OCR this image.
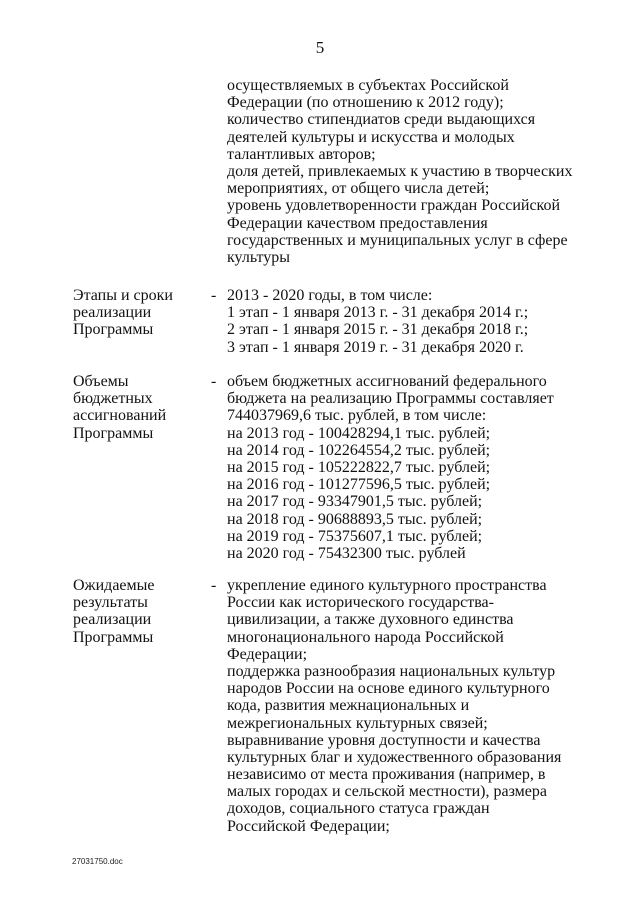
5
осуществляемых в субъектах Российской
Федерации (по отношению к 2012 году);
количество стипендиатов среди выдающихся
деятелей культуры и искусства и молодых
талантливых авторов;
доля детей, привлекаемых к участию в творческих
мероприятиях, от общего числа детей;
уровень удовлетворенности граждан Российской
Федерации качеством предоставления
государственных и муниципальных услуг в сфере
культуры
Этапы и сроки
реализации
Программы
- 2013 - 2020 годы, в том числе:
1 этап - 1 января 2013 г. - 31 декабря 2014 г.;
2 этап - 1 января 2015 г. - 31 декабря 2018 г.;
3 этап - 1 января 2019 г. - 31 декабря 2020 г.
Объемы
бюджетных
ассигнований
Программы
- объем бюджетных ассигнований федерального
бюджета на реализацию Программы составляет
744037969,6 тыс. рублей, в том числе:
на 2013 год - 100428294,1 тыс. рублей;
на 2014 год - 102264554,2 тыс. рублей;
на 2015 год - 105222822,7 тыс. рублей;
на 2016 год - 101277596,5 тыс. рублей;
на 2017 год - 93347901,5 тыс. рублей;
на 2018 год - 90688893,5 тыс. рублей;
на 2019 год - 75375607,1 тыс. рублей;
на 2020 год - 75432300 тыс. рублей
Ожидаемые
результаты
реализации
Программы
- укрепление единого культурного пространства
России как исторического государства-
цивилизации, а также духовного единства
многонационального народа Российской
Федерации;
поддержка разнообразия национальных культур
народов России на основе единого культурного
кода, развития межнациональных и
межрегиональных культурных связей;
выравнивание уровня доступности и качества
культурных благ и художественного образования
независимо от места проживания (например, в
малых городах и сельской местности), размера
доходов, социального статуса граждан
Российской Федерации;
27031750.doc
